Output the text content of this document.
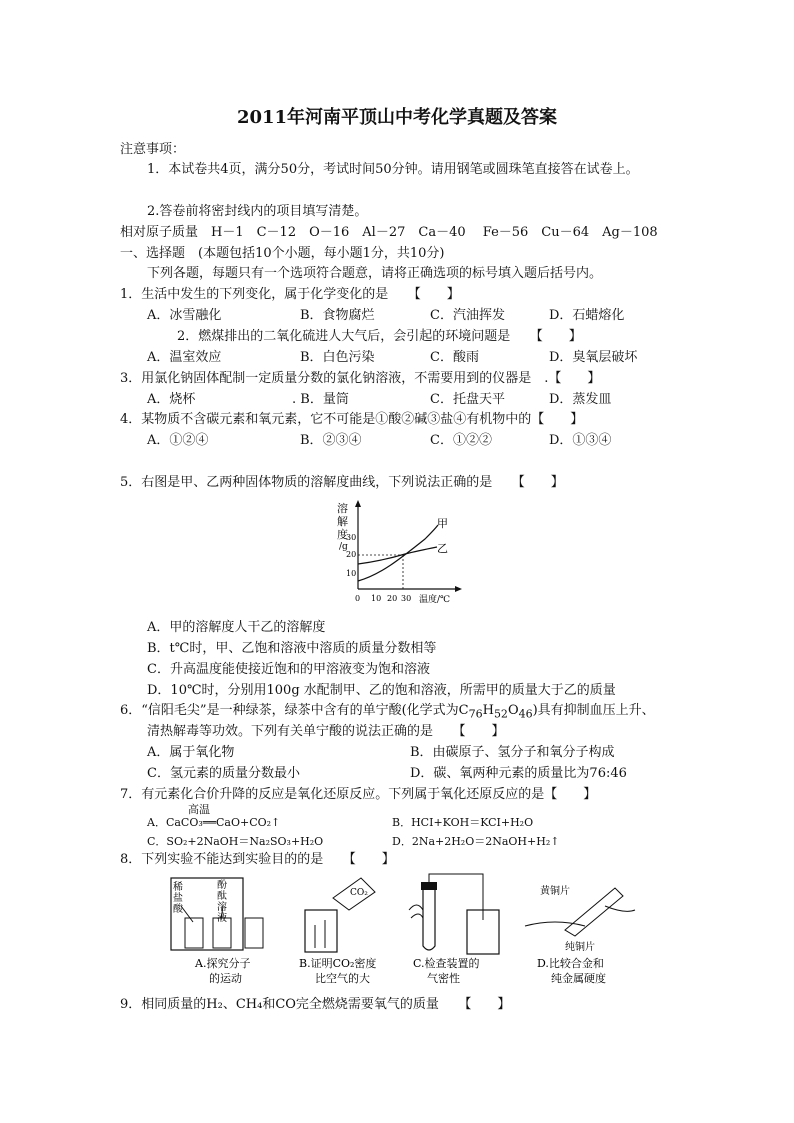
2011年河南平顶山中考化学真题及答案
注意事项：
1．本试卷共4页，满分50分，考试时间50分钟。请用钢笔或圆珠笔直接答在试卷上。
2.答卷前将密封线内的项目填写清楚。
相对原子质量　H－1　C－12　O－16　Al－27　Ca－40　 Fe－56　Cu－64　Ag－108
一、选择题　(本题包括10个小题，每小题1分，共10分)
下列各题，每题只有一个选项符合题意，请将正确选项的标号填入题后括号内。
1．生活中发生的下列变化，属于化学变化的是　　【　　】
A．冰雪融化	B．食物腐烂	C．汽油挥发	D．石蜡熔化
2．燃煤排出的二氧化硫进人大气后，会引起的环境问题是　　【　　】
A．温室效应	B．白色污染	C．酸雨	D．臭氧层破坏
3．用氯化钠固体配制一定质量分数的氯化钠溶液，不需要用到的仪器是　.【　　】
A．烧杯	. B．量筒	C．托盘天平	D．蒸发皿
4．某物质不含碳元素和氧元素，它不可能是①酸②碱③盐④有机物中的【　　】
A．①②④	B．②③④	C．①②②	D．①③④
5．右图是甲、乙两种固体物质的溶解度曲线，下列说法正确的是　　【　　】
溶
解
度
/g
30
20
10
甲
乙
0 10 20 30 温度/℃
A．甲的溶解度人干乙的溶解度
B．t℃时，甲、乙饱和溶液中溶质的质量分数相等
C．升高温度能使接近饱和的甲溶液变为饱和溶液
D．10℃时，分别用100g 水配制甲、乙的饱和溶液，所需甲的质量大于乙的质量
6．“信阳毛尖”是一种绿茶，绿茶中含有的单宁酸(化学式为$C_{76}H_{52}O_{46}$)具有抑制血压上升、
清热解毒等功效。下列有关单宁酸的说法正确的是　　【　　】
A．属于氧化物	B．由碳原子、氢分子和氧分子构成
C．氢元素的质量分数最小	D．碳、氧两种元素的质量比为76:46
7．有元素化合价升降的反应是氧化还原反应。下列属于氧化还原反应的是【　　】
高温
A．CaCO₃══CaO+CO₂↑	B．HCI+KOH＝KCI+H₂O
C．SO₂+2NaOH＝Na₂SO₃+H₂O	D．2Na+2H₂O＝2NaOH+H₂↑
8．下列实验不能达到实验目的的是　　【　　】
稀
盐
酸
酚
酞
溶
液
CO₂	黄铜片
纯铜片
A.探究分子
的运动
B.证明CO₂密度
比空气的大
C.检查装置的
气密性
D.比较合金和
纯金属硬度
9．相同质量的H₂、CH₄和CO完全燃烧需要氧气的质量　　【　　】
